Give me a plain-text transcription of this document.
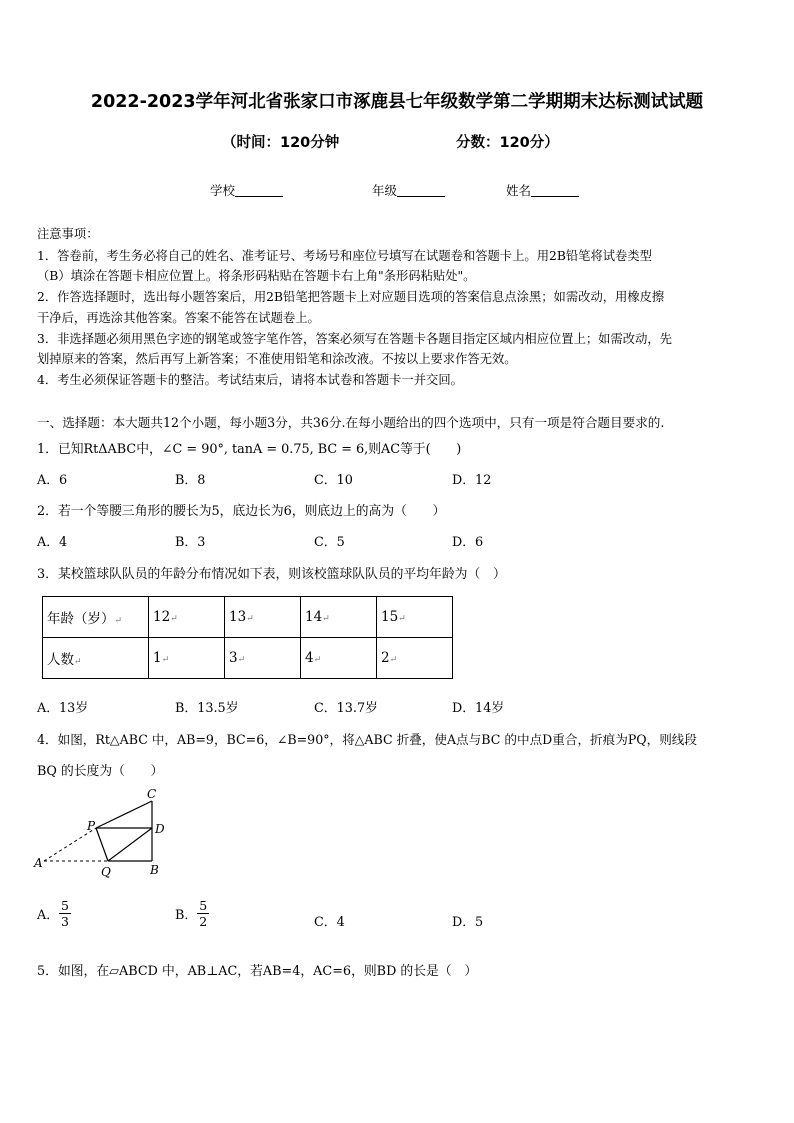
2022-2023学年河北省张家口市涿鹿县七年级数学第二学期期末达标测试试题
（时间：120分钟	分数：120分）
学校	年级	姓名
注意事项：
1．答卷前，考生务必将自己的姓名、准考证号、考场号和座位号填写在试题卷和答题卡上。用2B铅笔将试卷类型
（B）填涂在答题卡相应位置上。将条形码粘贴在答题卡右上角"条形码粘贴处"。
2．作答选择题时，选出每小题答案后，用2B铅笔把答题卡上对应题目选项的答案信息点涂黑；如需改动，用橡皮擦
干净后，再选涂其他答案。答案不能答在试题卷上。
3．非选择题必须用黑色字迹的钢笔或签字笔作答，答案必须写在答题卡各题目指定区域内相应位置上；如需改动，先
划掉原来的答案，然后再写上新答案；不准使用铅笔和涂改液。不按以上要求作答无效。
4．考生必须保证答题卡的整洁。考试结束后，请将本试卷和答题卡一并交回。
一、选择题：本大题共12个小题，每小题3分，共36分.在每小题给出的四个选项中，只有一项是符合题目要求的.
1．已知RtΔABC中，∠C = 90°, tanA = 0.75, BC = 6,则AC等于(　　)
A．6	B．8	C．10	D．12
2．若一个等腰三角形的腰长为5，底边长为6，则底边上的高为（　　）
A．4	B．3	C．5	D．6
3．某校篮球队队员的年龄分布情况如下表，则该校篮球队队员的平均年龄为（　）
年龄（岁）↵	12↵	13↵	14↵	15↵
人数↵	1↵	3↵	4↵	2↵
A．13岁	B．13.5岁	C．13.7岁	D．14岁
4．如图，Rt△ABC 中，AB=9，BC=6，∠B=90°，将△ABC 折叠，使A点与BC 的中点D重合，折痕为PQ，则线段
BQ 的长度为（　　）
C
P	D
A
Q	B
A． $\frac{5}{3}$	B． $\frac{5}{2}$	C．4	D．5
5．如图，在▱ABCD 中，AB⊥AC，若AB=4，AC=6，则BD 的长是（　）
